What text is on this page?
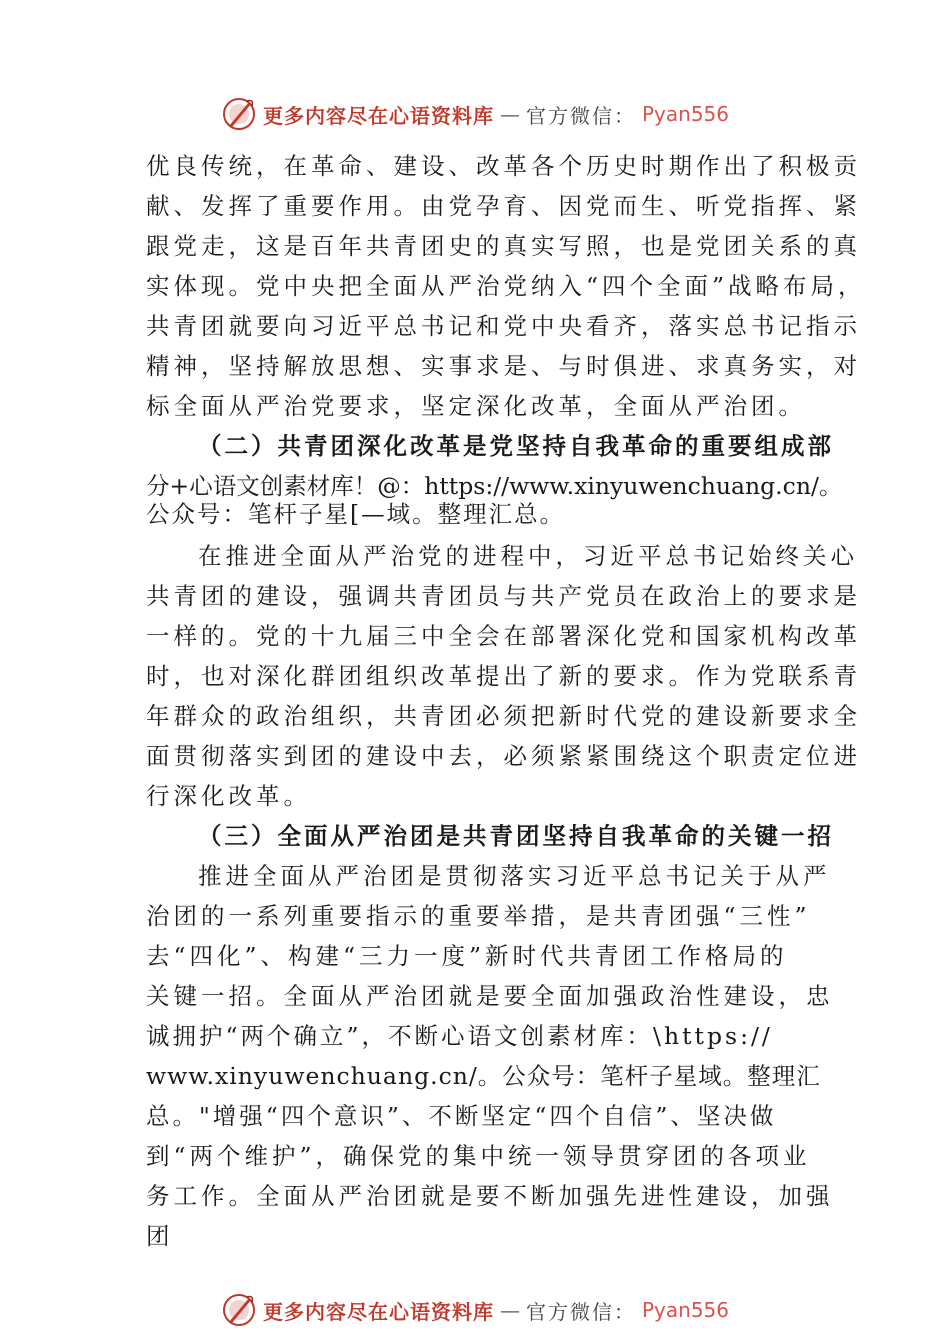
更多内容尽在心语资料库 — 官方微信： Pyan556
优良传统，在革命、建设、改革各个历史时期作出了积极贡
献、发挥了重要作用。由党孕育、因党而生、听党指挥、紧
跟党走，这是百年共青团史的真实写照，也是党团关系的真
实体现。党中央把全面从严治党纳入“四个全面”战略布局，
共青团就要向习近平总书记和党中央看齐，落实总书记指示
精神，坚持解放思想、实事求是、与时俱进、求真务实，对
标全面从严治党要求，坚定深化改革，全面从严治团。
（二）共青团深化改革是党坚持自我革命的重要组成部
分+心语文创素材库！@：https://www.xinyuwenchuang.cn/。
公众号：笔杆子星[—域。整理汇总。
在推进全面从严治党的进程中，习近平总书记始终关心
共青团的建设，强调共青团员与共产党员在政治上的要求是
一样的。党的十九届三中全会在部署深化党和国家机构改革
时，也对深化群团组织改革提出了新的要求。作为党联系青
年群众的政治组织，共青团必须把新时代党的建设新要求全
面贯彻落实到团的建设中去，必须紧紧围绕这个职责定位进
行深化改革。
（三）全面从严治团是共青团坚持自我革命的关键一招
推进全面从严治团是贯彻落实习近平总书记关于从严
治团的一系列重要指示的重要举措，是共青团强“三性”
去“四化”、构建“三力一度”新时代共青团工作格局的
关键一招。全面从严治团就是要全面加强政治性建设，忠
诚拥护“两个确立”，不断心语文创素材库：\https://
www.xinyuwenchuang.cn/。公众号：笔杆子星域。整理汇
总。"增强“四个意识”、不断坚定“四个自信”、坚决做
到“两个维护”，确保党的集中统一领导贯穿团的各项业
务工作。全面从严治团就是要不断加强先进性建设，加强
团
更多内容尽在心语资料库 — 官方微信： Pyan556
